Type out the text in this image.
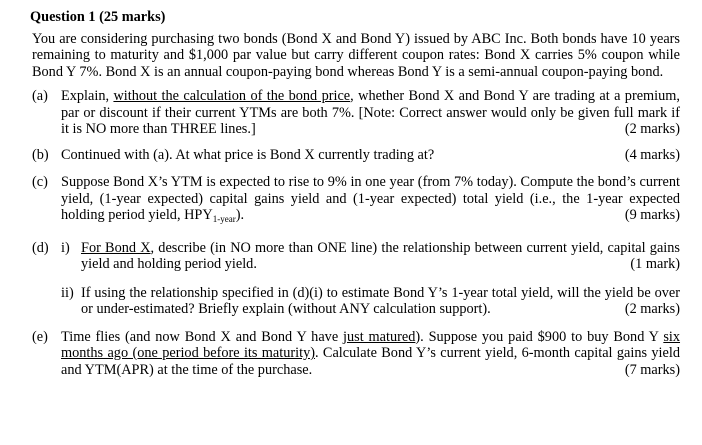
Question 1 (25 marks)

You are considering purchasing two bonds (Bond X and Bond Y) issued by ABC Inc. Both bonds have 10 years remaining to maturity and $1,000 par value but carry different coupon rates: Bond X carries 5% coupon while Bond Y 7%. Bond X is an annual coupon-paying bond whereas Bond Y is a semi-annual coupon-paying bond.

(a) Explain, without the calculation of the bond price, whether Bond X and Bond Y are trading at a premium, par or discount if their current YTMs are both 7%. [Note: Correct answer would only be given full mark if it is NO more than THREE lines.]	(2 marks)
(b)	(4 marks)
Continued with (a). At what price is Bond X currently trading at?
(c) Suppose Bond X’s YTM is expected to rise to 9% in one year (from 7% today). Compute the bond’s current yield, (1-year expected) capital gains yield and (1-year expected) total yield (i.e., the 1-year expected holding period yield, $HPY_{1-year}$).	(9 marks)
(d) i) For Bond X, describe (in NO more than ONE line) the relationship between current yield, capital gains yield and holding period yield.	(1 mark)
ii) If using the relationship specified in (d)(i) to estimate Bond Y’s 1-year total yield, will the yield be over or under-estimated? Briefly explain (without ANY calculation support).	(2 marks)
(e) Time flies (and now Bond X and Bond Y have just matured). Suppose you paid $900 to buy Bond Y six months ago (one period before its maturity). Calculate Bond Y’s current yield, 6-month capital gains yield and YTM(APR) at the time of the purchase.	(7 marks)
